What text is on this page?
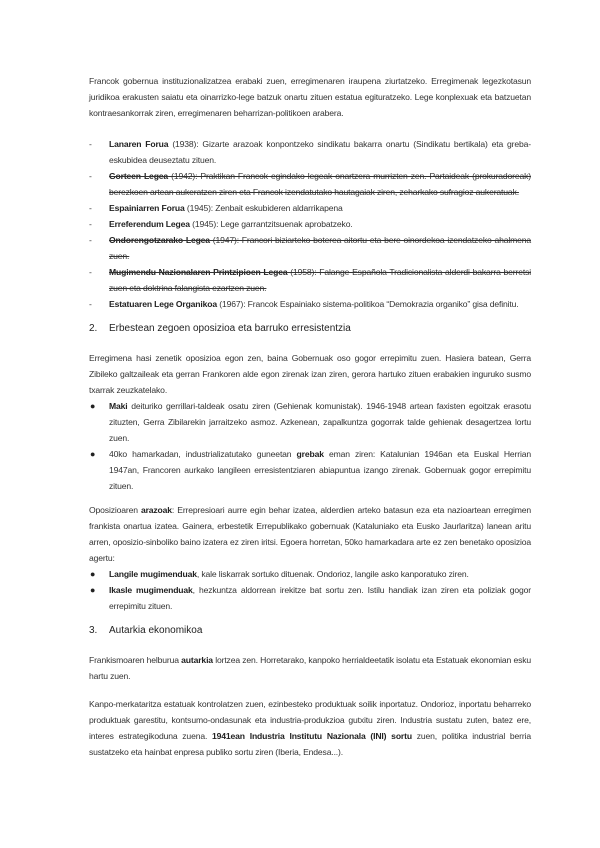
Francok gobernua instituzionalizatzea erabaki zuen, erregimenaren iraupena ziurtatzeko. Erregimenak legezkotasun juridikoa erakusten saiatu eta oinarrizko-lege batzuk onartu zituen estatua egituratzeko. Lege konplexuak eta batzuetan kontraesankorrak ziren, erregimenaren beharrizan-politikoen arabera.

-	Lanaren Forua (1938): Gizarte arazoak konpontzeko sindikatu bakarra onartu (Sindikatu bertikala) eta greba-eskubidea deuseztatu zituen.
-	Gorteen Legea (1942): Praktikan Francok egindako legeak onartzera murrizten zen. Partaideak (prokuradoreak) berezkoen artean aukeratzen ziren eta Francok izendatutako hautagaiak ziren, zeharkako sufragioz aukeratuak.
-	Espainiarren Forua (1945): Zenbait eskubideren aldarrikapena
-	Erreferendum Legea (1945): Lege garrantzitsuenak aprobatzeko.
-	Ondorengotzarako Legea (1947): Francori biziarteko boterea aitortu eta bere oinordekoa izendatzeko ahalmena zuen.
-	Mugimendu Nazionalaren Printzipioen Legea (1958): Falange Española Tradicionalista alderdi bakarra berretsi zuen eta doktrina falangista ezartzen zuen.
-	Estatuaren Lege Organikoa (1967): Francok Espainiako sistema-politikoa “Demokrazia organiko” gisa definitu.
2. Erbestean zegoen oposizioa eta barruko erresistentzia

Erregimena hasi zenetik oposizioa egon zen, baina Gobernuak oso gogor errepimitu zuen. Hasiera batean, Gerra Zibileko galtzaileak eta gerran Frankoren alde egon zirenak izan ziren, gerora hartuko zituen erabakien inguruko susmo txarrak zeuzkatelako.

● Maki deituriko gerrillari-taldeak osatu ziren (Gehienak komunistak). 1946-1948 artean faxisten egoitzak erasotu zituzten, Gerra Zibilarekin jarraitzeko asmoz. Azkenean, zapalkuntza gogorrak talde gehienak desagertzea lortu zuen.
● 40ko hamarkadan, industrializatutako guneetan grebak eman ziren: Katalunian 1946an eta Euskal Herrian 1947an, Francoren aurkako langileen erresistentziaren abiapuntua izango zirenak. Gobernuak gogor errepimitu zituen.

Oposizioaren arazoak: Errepresioari aurre egin behar izatea, alderdien arteko batasun eza eta nazioartean erregimen frankista onartua izatea. Gainera, erbestetik Errepublikako gobernuak (Kataluniako eta Eusko Jaurlaritza) lanean aritu arren, oposizio-sinboliko baino izatera ez ziren iritsi. Egoera horretan, 50ko hamarkadara arte ez zen benetako oposizioa agertu:

● Langile mugimenduak, kale liskarrak sortuko dituenak. Ondorioz, langile asko kanporatuko ziren.
● Ikasle mugimenduak, hezkuntza aldorrean irekitze bat sortu zen. Istilu handiak izan ziren eta poliziak gogor errepimitu zituen.
3. Autarkia ekonomikoa

Frankismoaren helburua autarkia lortzea zen. Horretarako, kanpoko herrialdeetatik isolatu eta Estatuak ekonomian esku hartu zuen.

Kanpo-merkataritza estatuak kontrolatzen zuen, ezinbesteko produktuak soilik inportatuz. Ondorioz, inportatu beharreko produktuak garestitu, kontsumo-ondasunak eta industria-produkzioa gutxitu ziren. Industria sustatu zuten, batez ere, interes estrategikoduna zuena. 1941ean Industria Institutu Nazionala (INI) sortu zuen, politika industrial berria sustatzeko eta hainbat enpresa publiko sortu ziren (Iberia, Endesa...).
